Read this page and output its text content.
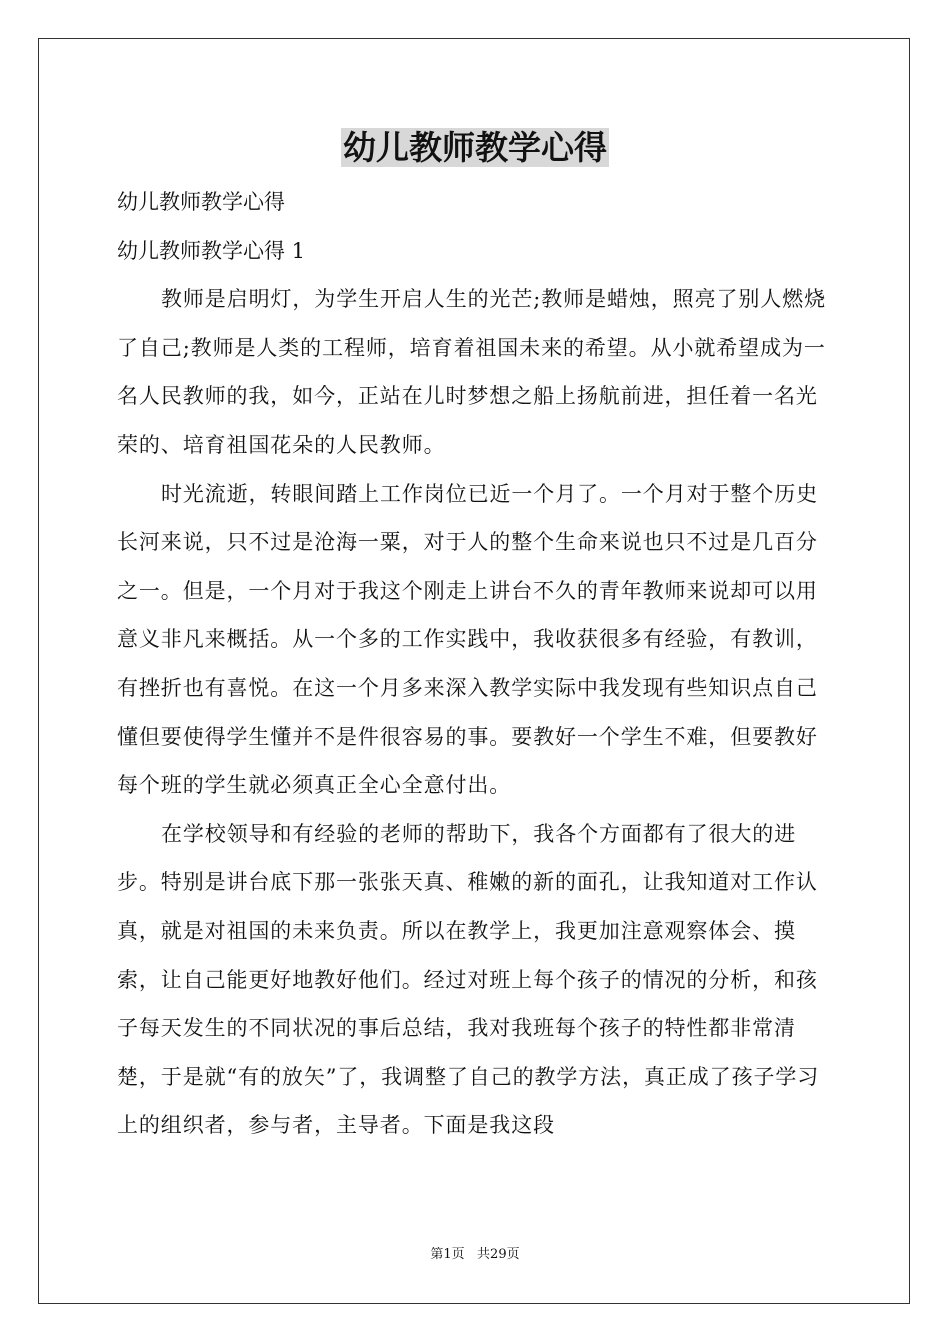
幼儿教师教学心得

幼儿教师教学心得

幼儿教师教学心得 1

教师是启明灯，为学生开启人生的光芒;教师是蜡烛，照亮了别人燃烧了自己;教师是人类的工程师，培育着祖国未来的希望。从小就希望成为一名人民教师的我，如今，正站在儿时梦想之船上扬航前进，担任着一名光荣的、培育祖国花朵的人民教师。

时光流逝，转眼间踏上工作岗位已近一个月了。一个月对于整个历史长河来说，只不过是沧海一粟，对于人的整个生命来说也只不过是几百分之一。但是，一个月对于我这个刚走上讲台不久的青年教师来说却可以用意义非凡来概括。从一个多的工作实践中，我收获很多有经验，有教训，有挫折也有喜悦。在这一个月多来深入教学实际中我发现有些知识点自己懂但要使得学生懂并不是件很容易的事。要教好一个学生不难，但要教好每个班的学生就必须真正全心全意付出。

在学校领导和有经验的老师的帮助下，我各个方面都有了很大的进步。特别是讲台底下那一张张天真、稚嫩的新的面孔，让我知道对工作认真，就是对祖国的未来负责。所以在教学上，我更加注意观察体会、摸索，让自己能更好地教好他们。经过对班上每个孩子的情况的分析，和孩子每天发生的不同状况的事后总结，我对我班每个孩子的特性都非常清楚，于是就“有的放矢”了，我调整了自己的教学方法，真正成了孩子学习上的组织者，参与者，主导者。下面是我这段

第1页   共29页
